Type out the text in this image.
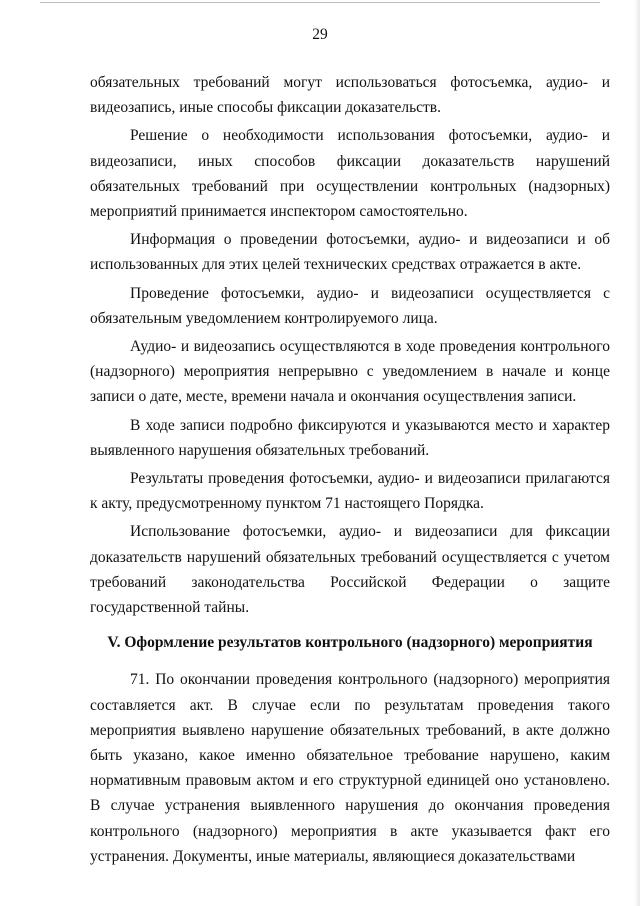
29

обязательных требований могут использоваться фотосъемка, аудио- и видеозапись, иные способы фиксации доказательств.

Решение о необходимости использования фотосъемки, аудио- и видеозаписи, иных способов фиксации доказательств нарушений обязательных требований при осуществлении контрольных (надзорных) мероприятий принимается инспектором самостоятельно.

Информация о проведении фотосъемки, аудио- и видеозаписи и об использованных для этих целей технических средствах отражается в акте.

Проведение фотосъемки, аудио- и видеозаписи осуществляется с обязательным уведомлением контролируемого лица.

Аудио- и видеозапись осуществляются в ходе проведения контрольного (надзорного) мероприятия непрерывно с уведомлением в начале и конце записи о дате, месте, времени начала и окончания осуществления записи.

В ходе записи подробно фиксируются и указываются место и характер выявленного нарушения обязательных требований.

Результаты проведения фотосъемки, аудио- и видеозаписи прилагаются к акту, предусмотренному пунктом 71 настоящего Порядка.

Использование фотосъемки, аудио- и видеозаписи для фиксации доказательств нарушений обязательных требований осуществляется с учетом требований законодательства Российской Федерации о защите государственной тайны.

V. Оформление результатов контрольного (надзорного) мероприятия

71. По окончании проведения контрольного (надзорного) мероприятия составляется акт. В случае если по результатам проведения такого мероприятия выявлено нарушение обязательных требований, в акте должно быть указано, какое именно обязательное требование нарушено, каким нормативным правовым актом и его структурной единицей оно установлено. В случае устранения выявленного нарушения до окончания проведения контрольного (надзорного) мероприятия в акте указывается факт его устранения. Документы, иные материалы, являющиеся доказательствами
